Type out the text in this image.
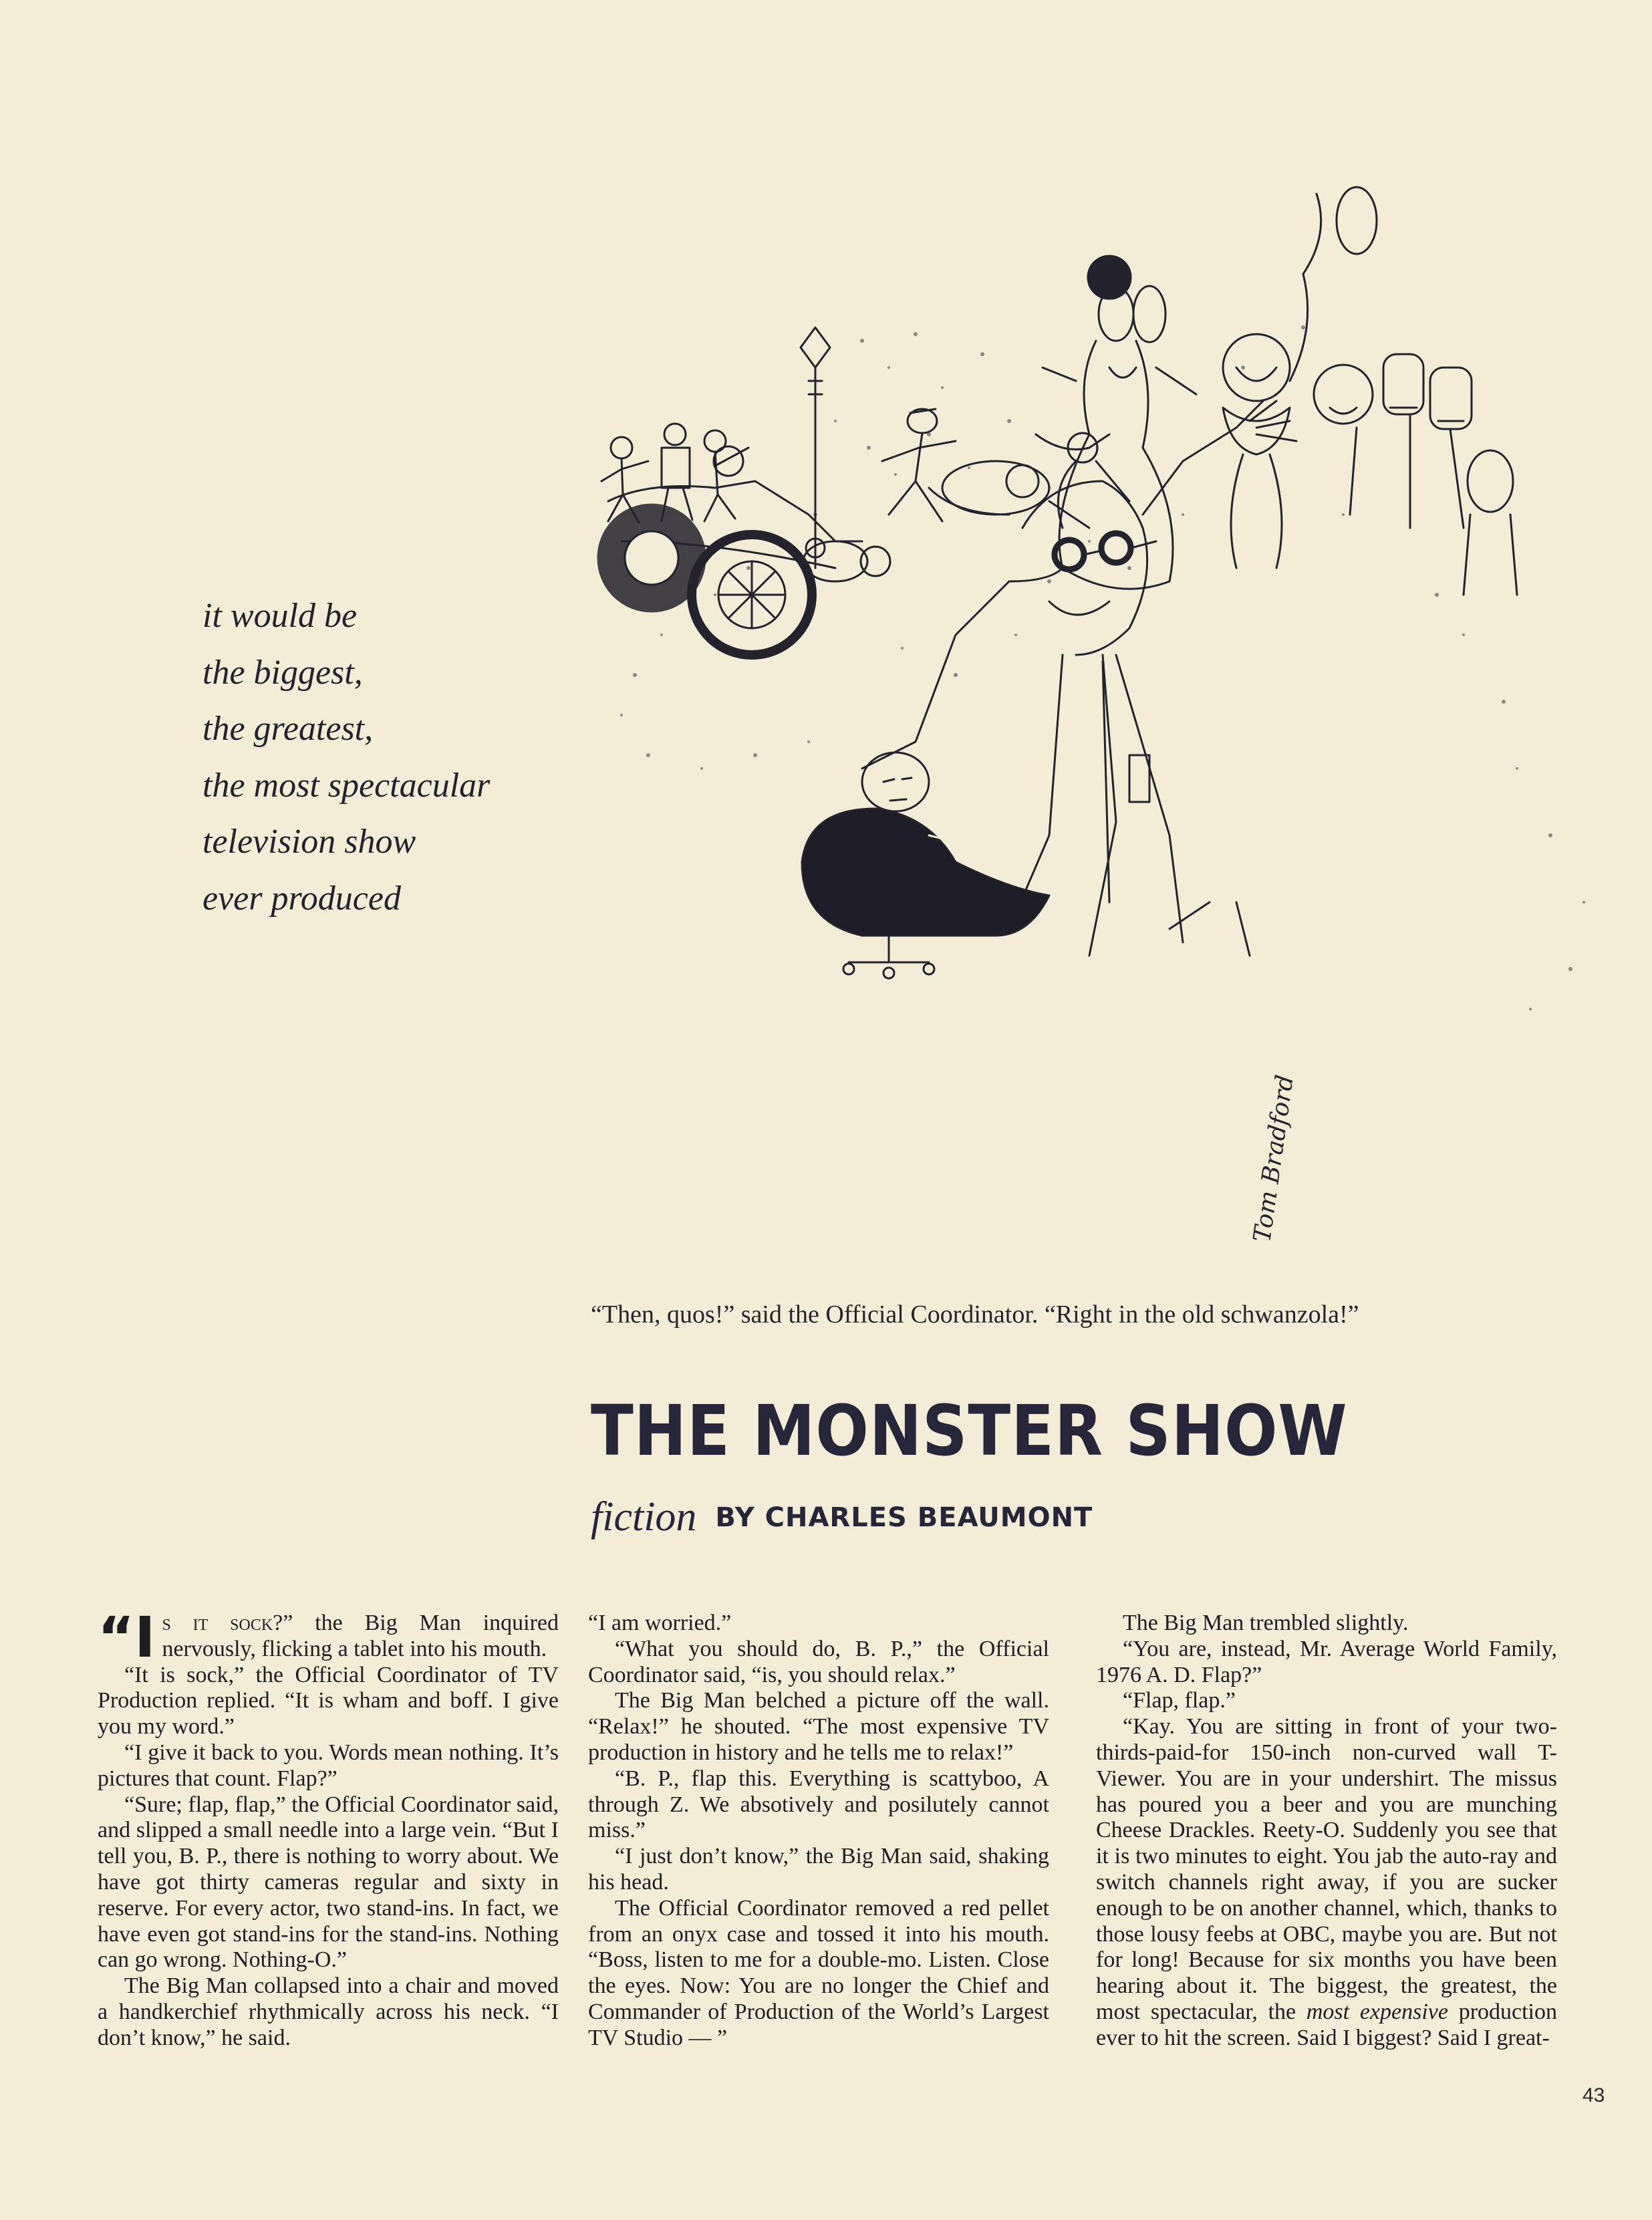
it would be
the biggest,
the greatest,
the most spectacular
television show
ever produced
Tom Bradford
“Then, quos!” said the Official Coordinator. “Right in the old schwanzola!”
THE MONSTER SHOW
fiction BY CHARLES BEAUMONT

“Is it sock?” the Big Man inquired nervously, flicking a tablet into his mouth.

“It is sock,” the Official Coordinator of TV Production replied. “It is wham and boff. I give you my word.”

“I give it back to you. Words mean nothing. It’s pictures that count. Flap?”

“Sure; flap, flap,” the Official Coordinator said, and slipped a small needle into a large vein. “But I tell you, B. P., there is nothing to worry about. We have got thirty cameras regular and sixty in reserve. For every actor, two stand-ins. In fact, we have even got stand-ins for the stand-ins. Nothing can go wrong. Nothing-O.”

The Big Man collapsed into a chair and moved a handkerchief rhythmically across his neck. “I don’t know,” he said.

“I am worried.”

“What you should do, B. P.,” the Official Coordinator said, “is, you should relax.”

The Big Man belched a picture off the wall. “Relax!” he shouted. “The most expensive TV production in history and he tells me to relax!”

“B. P., flap this. Everything is scattyboo, A through Z. We absotively and posilutely cannot miss.”

“I just don’t know,” the Big Man said, shaking his head.

The Official Coordinator removed a red pellet from an onyx case and tossed it into his mouth. “Boss, listen to me for a double-mo. Listen. Close the eyes. Now: You are no longer the Chief and Commander of Production of the World’s Largest TV Studio — ”

The Big Man trembled slightly.

“You are, instead, Mr. Average World Family, 1976 A. D. Flap?”

“Flap, flap.”

“Kay. You are sitting in front of your two-thirds-paid-for 150-inch non-curved wall T-Viewer. You are in your undershirt. The missus has poured you a beer and you are munching Cheese Drackles. Reety-O. Suddenly you see that it is two minutes to eight. You jab the auto-ray and switch channels right away, if you are sucker enough to be on another channel, which, thanks to those lousy feebs at OBC, maybe you are. But not for long! Because for six months you have been hearing about it. The biggest, the greatest, the most spectacular, the most expensive production ever to hit the screen. Said I biggest? Said I great-

43
